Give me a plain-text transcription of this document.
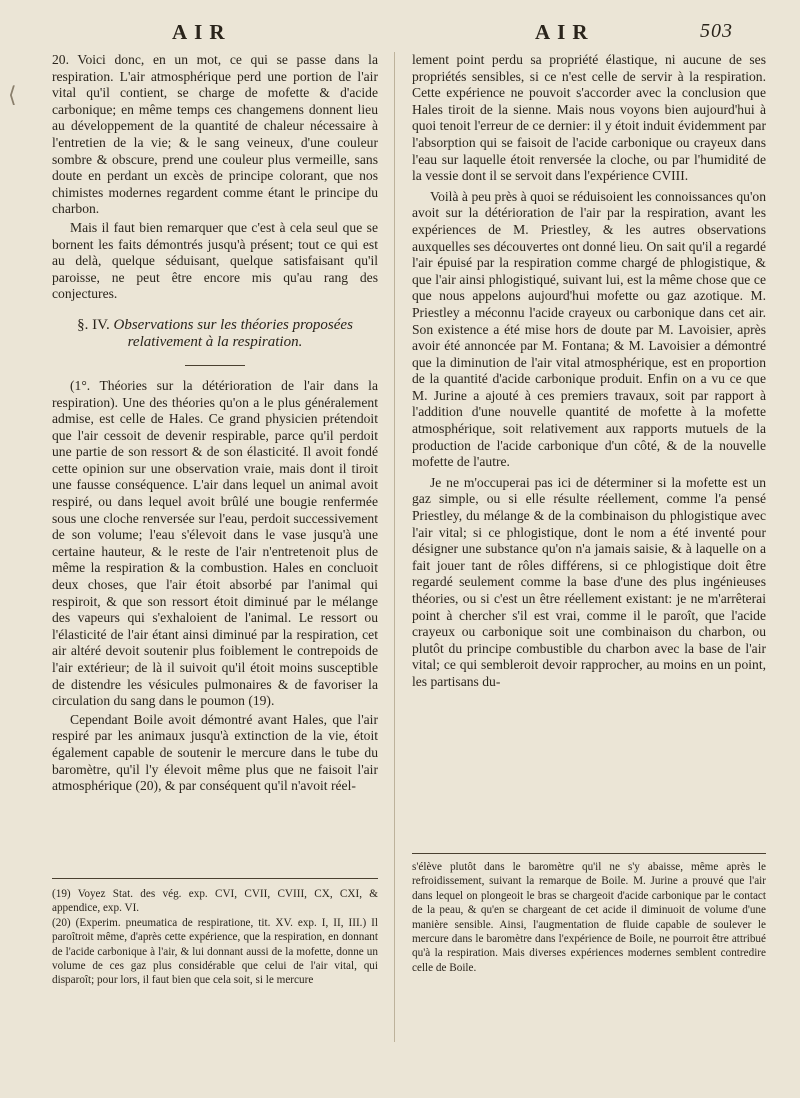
⟨
AIR	AIR	503

20. Voici donc, en un mot, ce qui se passe dans la respiration. L'air atmosphérique perd une portion de l'air vital qu'il contient, se charge de mofette & d'acide carbonique; en même temps ces changemens donnent lieu au développement de la quantité de chaleur nécessaire à l'entretien de la vie; & le sang veineux, d'une couleur sombre & obscure, prend une couleur plus vermeille, sans doute en perdant un excès de principe colorant, que nos chimistes modernes regardent comme étant le principe du charbon.

Mais il faut bien remarquer que c'est à cela seul que se bornent les faits démontrés jusqu'à présent; tout ce qui est au delà, quelque séduisant, quelque satisfaisant qu'il paroisse, ne peut être encore mis qu'au rang des conjectures.

§. IV. Observations sur les théories proposées relativement à la respiration.

(1°. Théories sur la détérioration de l'air dans la respiration). Une des théories qu'on a le plus généralement admise, est celle de Hales. Ce grand physicien prétendoit que l'air cessoit de devenir respirable, parce qu'il perdoit une partie de son ressort & de son élasticité. Il avoit fondé cette opinion sur une observation vraie, mais dont il tiroit une fausse conséquence. L'air dans lequel un animal avoit respiré, ou dans lequel avoit brûlé une bougie renfermée sous une cloche renversée sur l'eau, perdoit successivement de son volume; l'eau s'élevoit dans le vase jusqu'à une certaine hauteur, & le reste de l'air n'entretenoit plus de même la respiration & la combustion. Hales en concluoit deux choses, que l'air étoit absorbé par l'animal qui respiroit, & que son ressort étoit diminué par le mélange des vapeurs qui s'exhaloient de l'animal. Le ressort ou l'élasticité de l'air étant ainsi diminué par la respiration, cet air altéré devoit soutenir plus foiblement le contrepoids de l'air extérieur; de là il suivoit qu'il étoit moins susceptible de distendre les vésicules pulmonaires & de favoriser la circulation du sang dans le poumon (19).

Cependant Boile avoit démontré avant Hales, que l'air respiré par les animaux jusqu'à extinction de la vie, étoit également capable de soutenir le mercure dans le tube du baromètre, qu'il l'y élevoit même plus que ne faisoit l'air atmosphérique (20), & par conséquent qu'il n'avoit réel-

(19) Voyez Stat. des vég. exp. CVI, CVII, CVIII, CX, CXI, & appendice, exp. VI.

(20) (Experim. pneumatica de respiratione, tit. XV. exp. I, II, III.) Il paroîtroit même, d'après cette expérience, que la respiration, en donnant de l'acide carbonique à l'air, & lui donnant aussi de la mofette, donne un volume de ces gaz plus considérable que celui de l'air vital, qui disparoît; pour lors, il faut bien que cela soit, si le mercure

lement point perdu sa propriété élastique, ni aucune de ses propriétés sensibles, si ce n'est celle de servir à la respiration. Cette expérience ne pouvoit s'accorder avec la conclusion que Hales tiroit de la sienne. Mais nous voyons bien aujourd'hui à quoi tenoit l'erreur de ce dernier: il y étoit induit évidemment par l'absorption qui se faisoit de l'acide carbonique ou crayeux dans l'eau sur laquelle étoit renversée la cloche, ou par l'humidité de la vessie dont il se servoit dans l'expérience CVIII.

Voilà à peu près à quoi se réduisoient les connoissances qu'on avoit sur la détérioration de l'air par la respiration, avant les expériences de M. Priestley, & les autres observations auxquelles ses découvertes ont donné lieu. On sait qu'il a regardé l'air épuisé par la respiration comme chargé de phlogistique, & que l'air ainsi phlogistiqué, suivant lui, est la même chose que ce que nous appelons aujourd'hui mofette ou gaz azotique. M. Priestley a méconnu l'acide crayeux ou carbonique dans cet air. Son existence a été mise hors de doute par M. Lavoisier, après avoir été annoncée par M. Fontana; & M. Lavoisier a démontré que la diminution de l'air vital atmosphérique, est en proportion de la quantité d'acide carbonique produit. Enfin on a vu ce que M. Jurine a ajouté à ces premiers travaux, soit par rapport à l'addition d'une nouvelle quantité de mofette à la mofette atmosphérique, soit relativement aux rapports mutuels de la production de l'acide carbonique d'un côté, & de la nouvelle mofette de l'autre.

Je ne m'occuperai pas ici de déterminer si la mofette est un gaz simple, ou si elle résulte réellement, comme l'a pensé Priestley, du mélange & de la combinaison du phlogistique avec l'air vital; si ce phlogistique, dont le nom a été inventé pour désigner une substance qu'on n'a jamais saisie, & à laquelle on a fait jouer tant de rôles différens, si ce phlogistique doit être regardé seulement comme la base d'une des plus ingénieuses théories, ou si c'est un être réellement existant: je ne m'arrêterai point à chercher s'il est vrai, comme il le paroît, que l'acide crayeux ou carbonique soit une combinaison du charbon, ou plutôt du principe combustible du charbon avec la base de l'air vital; ce qui sembleroit devoir rapprocher, au moins en un point, les partisans du-

s'élève plutôt dans le baromètre qu'il ne s'y abaisse, même après le refroidissement, suivant la remarque de Boile. M. Jurine a prouvé que l'air dans lequel on plongeoit le bras se chargeoit d'acide carbonique par le contact de la peau, & qu'en se chargeant de cet acide il diminuoit de volume d'une manière sensible. Ainsi, l'augmentation de fluide capable de soulever le mercure dans le baromètre dans l'expérience de Boile, ne pourroit être attribué qu'à la respiration. Mais diverses expériences modernes semblent contredire celle de Boile.
